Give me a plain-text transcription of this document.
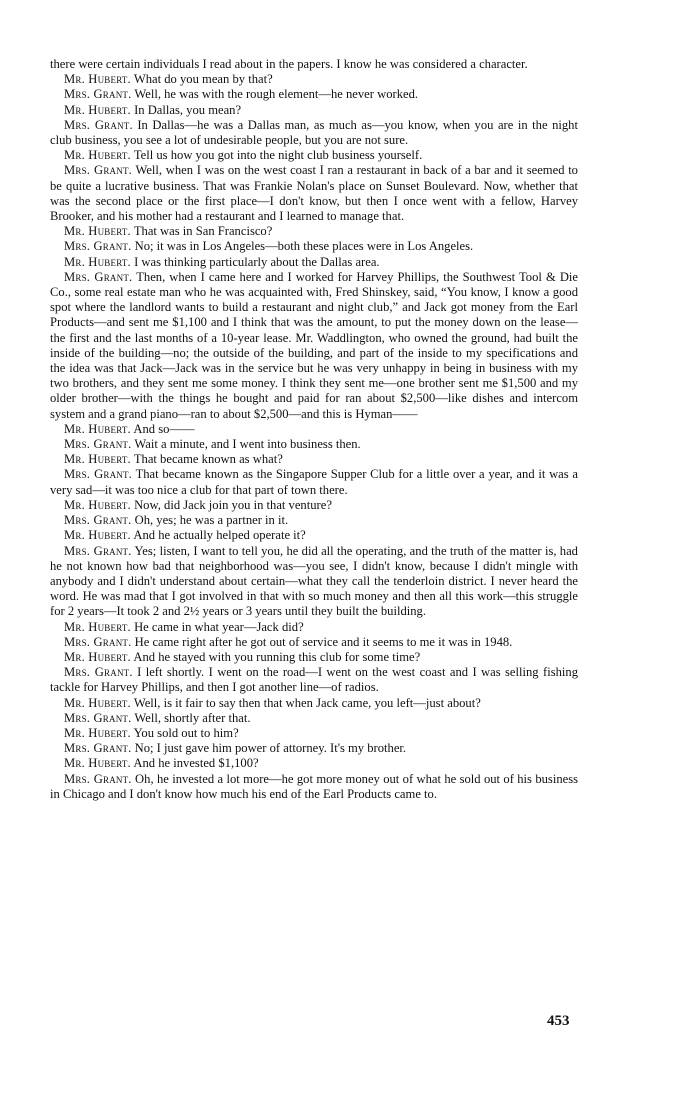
there were certain individuals I read about in the papers. I know he was considered a character.

Mr. Hubert. What do you mean by that?

Mrs. Grant. Well, he was with the rough element—he never worked.

Mr. Hubert. In Dallas, you mean?

Mrs. Grant. In Dallas—he was a Dallas man, as much as—you know, when you are in the night club business, you see a lot of undesirable people, but you are not sure.

Mr. Hubert. Tell us how you got into the night club business yourself.

Mrs. Grant. Well, when I was on the west coast I ran a restaurant in back of a bar and it seemed to be quite a lucrative business. That was Frankie Nolan's place on Sunset Boulevard. Now, whether that was the second place or the first place—I don't know, but then I once went with a fellow, Harvey Brooker, and his mother had a restaurant and I learned to manage that.

Mr. Hubert. That was in San Francisco?

Mrs. Grant. No; it was in Los Angeles—both these places were in Los Angeles.

Mr. Hubert. I was thinking particularly about the Dallas area.

Mrs. Grant. Then, when I came here and I worked for Harvey Phillips, the Southwest Tool & Die Co., some real estate man who he was acquainted with, Fred Shinskey, said, “You know, I know a good spot where the landlord wants to build a restaurant and night club,” and Jack got money from the Earl Products—and sent me $1,100 and I think that was the amount, to put the money down on the lease—the first and the last months of a 10-year lease. Mr. Waddlington, who owned the ground, had built the inside of the building—no; the outside of the building, and part of the inside to my specifications and the idea was that Jack—Jack was in the service but he was very unhappy in being in business with my two brothers, and they sent me some money. I think they sent me—one brother sent me $1,500 and my older brother—with the things he bought and paid for ran about $2,500—like dishes and intercom system and a grand piano—ran to about $2,500—and this is Hyman——

Mr. Hubert. And so——

Mrs. Grant. Wait a minute, and I went into business then.

Mr. Hubert. That became known as what?

Mrs. Grant. That became known as the Singapore Supper Club for a little over a year, and it was a very sad—it was too nice a club for that part of town there.

Mr. Hubert. Now, did Jack join you in that venture?

Mrs. Grant. Oh, yes; he was a partner in it.

Mr. Hubert. And he actually helped operate it?

Mrs. Grant. Yes; listen, I want to tell you, he did all the operating, and the truth of the matter is, had he not known how bad that neighborhood was—you see, I didn't know, because I didn't mingle with anybody and I didn't understand about certain—what they call the tenderloin district. I never heard the word. He was mad that I got involved in that with so much money and then all this work—this struggle for 2 years—It took 2 and 2½ years or 3 years until they built the building.

Mr. Hubert. He came in what year—Jack did?

Mrs. Grant. He came right after he got out of service and it seems to me it was in 1948.

Mr. Hubert. And he stayed with you running this club for some time?

Mrs. Grant. I left shortly. I went on the road—I went on the west coast and I was selling fishing tackle for Harvey Phillips, and then I got another line—of radios.

Mr. Hubert. Well, is it fair to say then that when Jack came, you left—just about?

Mrs. Grant. Well, shortly after that.

Mr. Hubert. You sold out to him?

Mrs. Grant. No; I just gave him power of attorney. It's my brother.

Mr. Hubert. And he invested $1,100?

Mrs. Grant. Oh, he invested a lot more—he got more money out of what he sold out of his business in Chicago and I don't know how much his end of the Earl Products came to.

453
